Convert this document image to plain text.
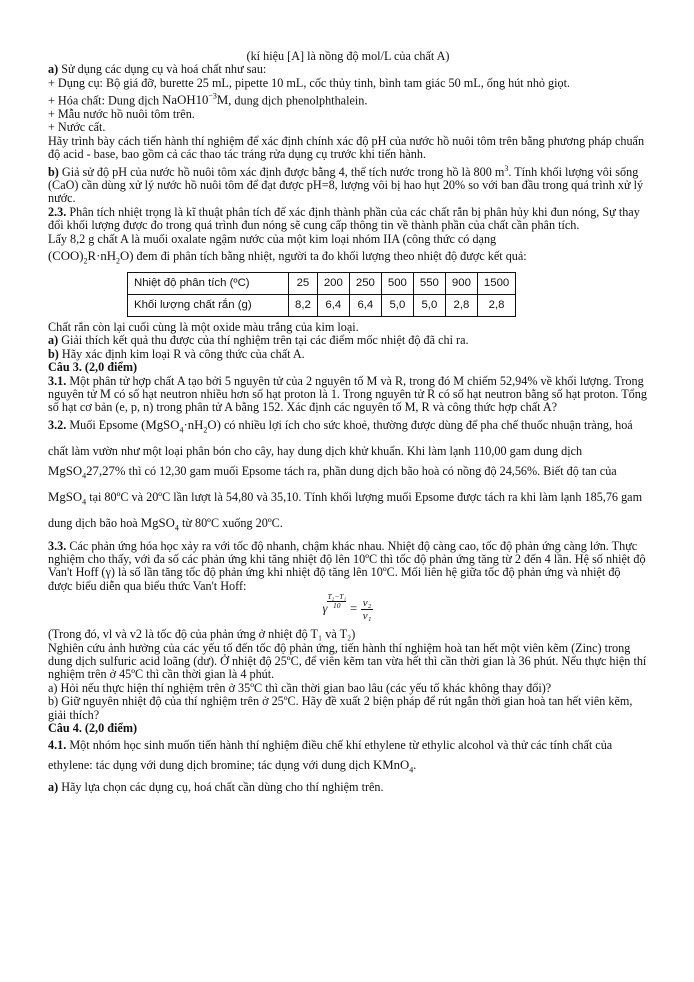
(kí hiệu [A] là nồng độ mol/L của chất A)

a) Sử dụng các dụng cụ và hoá chất như sau:

+ Dụng cụ: Bộ giá đỡ, burette 25 mL, pipette 10 mL, cốc thủy tinh, bình tam giác 50 mL, ống hút nhỏ giọt.

+ Hóa chất: Dung dịch $NaOH10^{-3}M$, dung dịch phenolphthalein.

+ Mẫu nước hồ nuôi tôm trên.

+ Nước cất.

Hãy trình bày cách tiến hành thí nghiệm để xác định chính xác độ pH của nước hồ nuôi tôm trên bằng phương pháp chuẩn độ acid - base, bao gồm cả các thao tác tráng rửa dụng cụ trước khi tiến hành.

b) Giả sử độ pH của nước hồ nuôi tôm xác định được bằng 4, thể tích nước trong hồ là 800 $m^3$. Tính khối lượng vôi sống (CaO) cần dùng xử lý nước hồ nuôi tôm để đạt được pH=8, lượng vôi bị hao hụt 20% so với ban đầu trong quá trình xử lý nước.

2.3. Phân tích nhiệt trọng là kĩ thuật phân tích để xác định thành phần của các chất rắn bị phân hủy khi đun nóng, Sự thay đổi khối lượng được đo trong quá trình đun nóng sẽ cung cấp thông tin về thành phần của chất cần phân tích.

Lấy 8,2 g chất A là muối oxalate ngậm nước của một kim loại nhóm IIA (công thức có dạng

$(COO)_2R\cdot nH_2O$) đem đi phân tích bằng nhiệt, người ta đo khối lượng theo nhiệt độ được kết quả:

Nhiệt độ phân tích (ºC)	25	200	250	500	550	900	1500
Khối lượng chất rắn (g)	8,2	6,4	6,4	5,0	5,0	2,8	2,8

Chất rắn còn lại cuối cùng là một oxide màu trắng của kim loại.

a) Giải thích kết quả thu được của thí nghiệm trên tại các điểm mốc nhiệt độ đã chỉ ra.

b) Hãy xác định kim loại R và công thức của chất A.

Câu 3. (2,0 điểm)

3.1. Một phân tử hợp chất A tạo bởi 5 nguyên tử của 2 nguyên tố M và R, trong đó M chiếm 52,94% về khối lượng. Trong nguyên tử M có số hạt neutron nhiều hơn số hạt proton là 1. Trong nguyên tử R có số hạt neutron bằng số hạt proton. Tổng số hạt cơ bản (e, p, n) trong phân tử A bằng 152. Xác định các nguyên tố M, R và công thức hợp chất A?

3.2. Muối Epsome $(MgSO_4\cdot nH_2O)$ có nhiều lợi ích cho sức khoẻ, thường được dùng để pha chế thuốc nhuận tràng, hoá chất làm vườn như một loại phân bón cho cây, hay dung dịch khử khuẩn. Khi làm lạnh 110,00 gam dung dịch MgSO$_4$27,27% thì có 12,30 gam muối Epsome tách ra, phần dung dịch bão hoà có nồng độ 24,56%. Biết độ tan của MgSO$_4$ tại 80ºC và 20ºC lần lượt là 54,80 và 35,10. Tính khối lượng muối Epsome được tách ra khi làm lạnh 185,76 gam dung dịch bão hoà MgSO$_4$ từ 80ºC xuống 20ºC.

3.3. Các phản ứng hóa học xảy ra với tốc độ nhanh, chậm khác nhau. Nhiệt độ càng cao, tốc độ phản ứng càng lớn. Thực nghiệm cho thấy, với đa số các phản ứng khi tăng nhiệt độ lên 10ºC thì tốc độ phản ứng tăng từ 2 đến 4 lần. Hệ số nhiệt độ Van't Hoff (γ) là số lần tăng tốc độ phản ứng khi nhiệt độ tăng lên 10ºC. Mối liên hệ giữa tốc độ phản ứng và nhiệt độ được biểu diễn qua biểu thức Van't Hoff:

γ $\frac{\text{T₂−T₁}}{10} = \frac{\text{v₂}}{\text{v₁}}$

(Trong đó, vl và v2 là tốc độ của phản ứng ở nhiệt độ T₁ và T₂)

Nghiên cứu ảnh hưởng của các yếu tố đến tốc độ phản ứng, tiến hành thí nghiệm hoà tan hết một viên kẽm (Zinc) trong dung dịch sulfuric acid loãng (dư). Ở nhiệt độ 25ºC, để viên kẽm tan vừa hết thì cần thời gian là 36 phút. Nếu thực hiện thí nghiệm trên ở 45ºC thì cần thời gian là 4 phút.

a) Hỏi nếu thực hiện thí nghiệm trên ở 35ºC thì cần thời gian bao lâu (các yếu tố khác không thay đổi)?

b) Giữ nguyên nhiệt độ của thí nghiệm trên ở 25ºC. Hãy đề xuất 2 biện pháp để rút ngắn thời gian hoà tan hết viên kẽm, giải thích?

Câu 4. (2,0 điểm)

4.1. Một nhóm học sinh muốn tiến hành thí nghiệm điều chế khí ethylene từ ethylic alcohol và thử các tính chất của ethylene: tác dụng với dung dịch bromine; tác dụng với dung dịch KMnO$_4$.

a) Hãy lựa chọn các dụng cụ, hoá chất cần dùng cho thí nghiệm trên.
